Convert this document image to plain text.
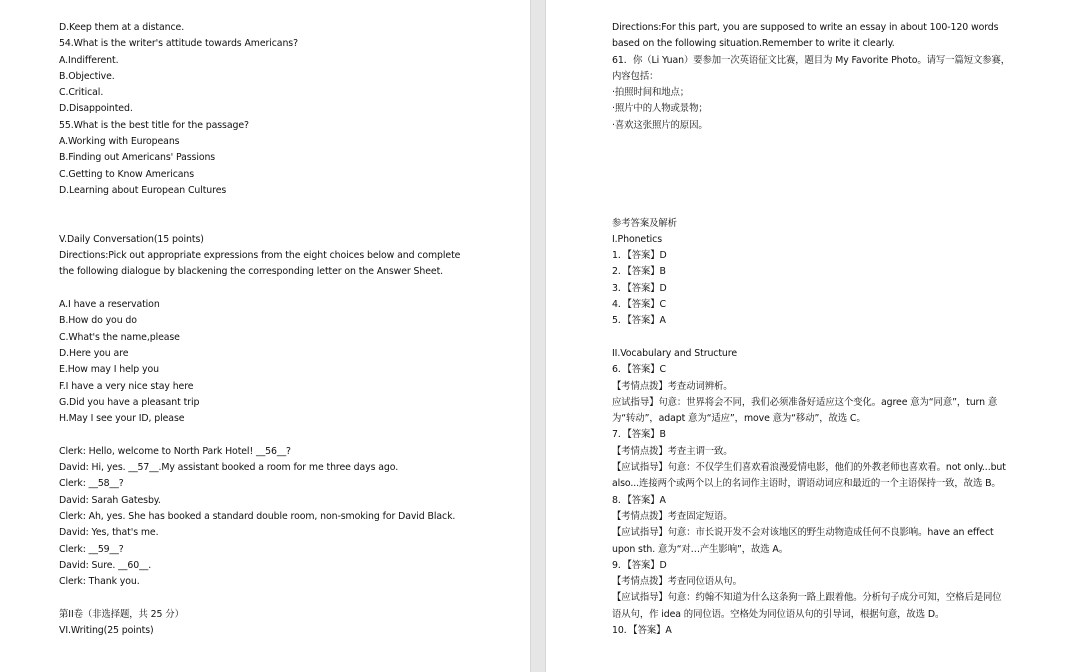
D.Keep them at a distance.
54.What is the writer's attitude towards Americans?
A.Indifferent.
B.Objective.
C.Critical.
D.Disappointed.
55.What is the best title for the passage?
A.Working with Europeans
B.Finding out Americans' Passions
C.Getting to Know Americans
D.Learning about European Cultures
V.Daily Conversation(15 points)
Directions:Pick out appropriate expressions from the eight choices below and complete
the following dialogue by blackening the corresponding letter on the Answer Sheet.
A.I have a reservation
B.How do you do
C.What's the name,please
D.Here you are
E.How may I help you
F.I have a very nice stay here
G.Did you have a pleasant trip
H.May I see your ID, please
Clerk: Hello, welcome to North Park Hotel! __56__?
David: Hi, yes. __57__.My assistant booked a room for me three days ago.
Clerk: __58__?
David: Sarah Gatesby.
Clerk: Ah, yes. She has booked a standard double room, non-smoking for David Black.
David: Yes, that's me.
Clerk: __59__?
David: Sure. __60__.
Clerk: Thank you.
第II卷（非选择题，共 25 分）
VI.Writing(25 points)
Directions:For this part, you are supposed to write an essay in about 100-120 words
based on the following situation.Remember to write it clearly.
61．你（Li Yuan）要参加一次英语征文比赛，题目为 My Favorite Photo。请写一篇短文参赛，
内容包括：
·拍照时间和地点；
·照片中的人物或景物；
·喜欢这张照片的原因。
参考答案及解析
I.Phonetics
1．【答案】D
2．【答案】B
3．【答案】D
4．【答案】C
5．【答案】A
II.Vocabulary and Structure
6．【答案】C
【考情点拨】考查动词辨析。
应试指导】句意：世界将会不同，我们必须准备好适应这个变化。agree 意为“同意”，turn 意
为“转动”，adapt 意为“适应”，move 意为“移动”，故选 C。
7．【答案】B
【考情点拨】考查主谓一致。
【应试指导】句意：不仅学生们喜欢看浪漫爱情电影，他们的外教老师也喜欢看。not only...but
also...连接两个或两个以上的名词作主语时，谓语动词应和最近的一个主语保持一致，故选 B。
8．【答案】A
【考情点拨】考查固定短语。
【应试指导】句意：市长说开发不会对该地区的野生动物造成任何不良影响。have an effect
upon sth. 意为“对…产生影响”，故选 A。
9．【答案】D
【考情点拨】考查同位语从句。
【应试指导】句意：约翰不知道为什么这条狗一路上跟着他。分析句子成分可知，空格后是同位
语从句，作 idea 的同位语。空格处为同位语从句的引导词，根据句意，故选 D。
10．【答案】A
